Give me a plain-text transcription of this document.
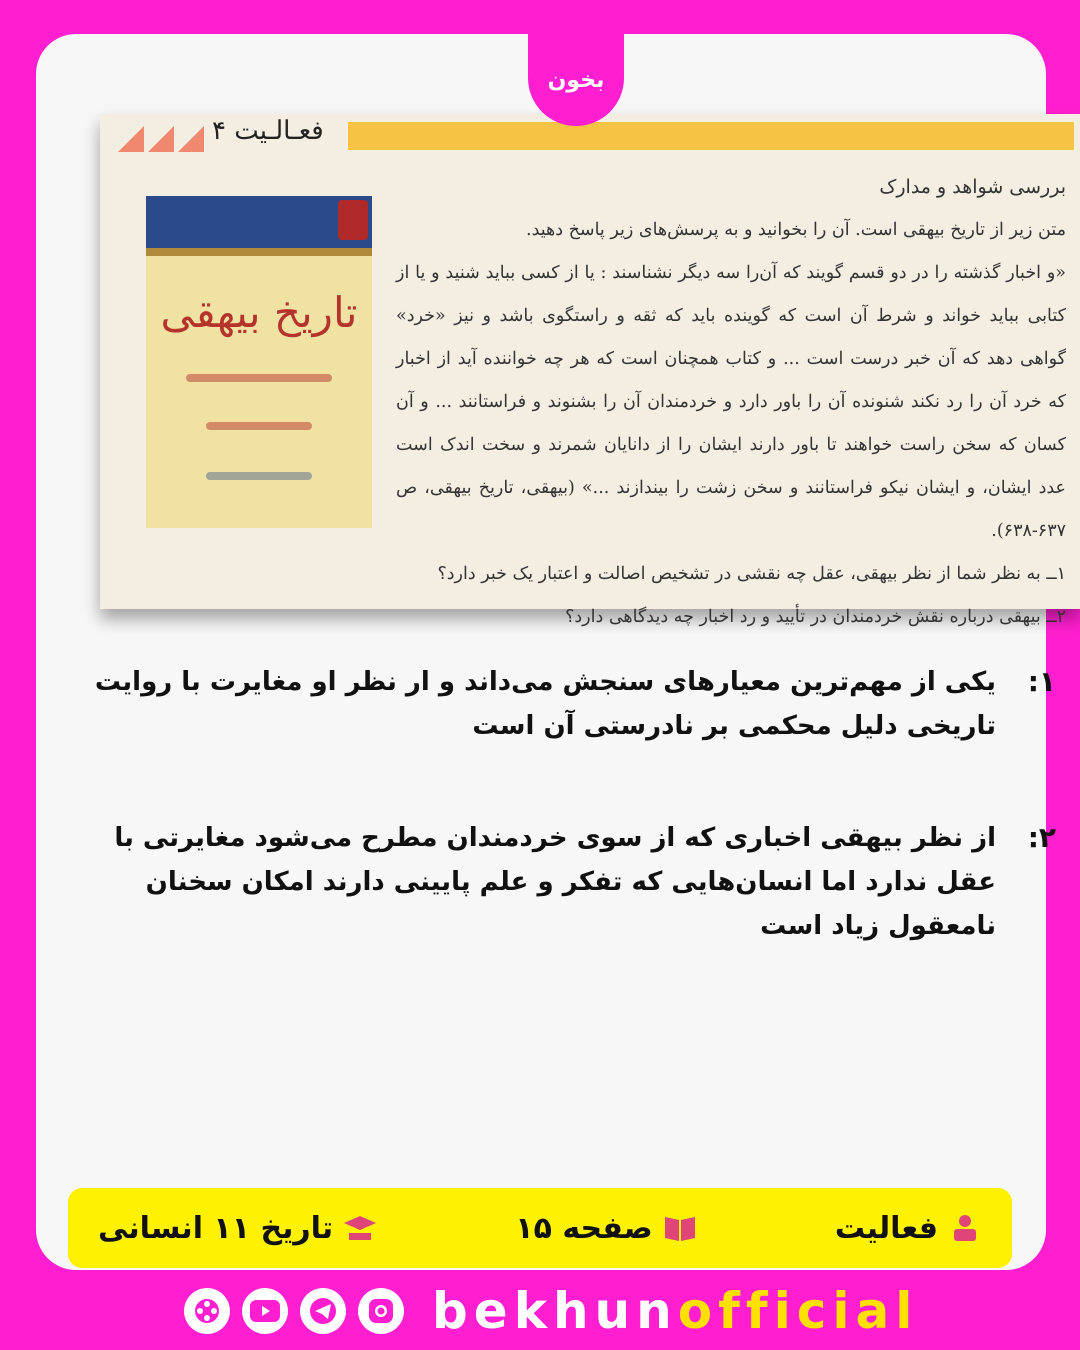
بخون
فعـالـیت ۴
تاریخ بیهقی

بررسی شواهد و مدارک

متن زیر از تاریخ بیهقی است. آن را بخوانید و به پرسش‌های زیر پاسخ دهید.

«و اخبار گذشته را در دو قسم گویند که آن‌را سه دیگر نشناسند : یا از کسی بباید شنید و یا از کتابی بباید خواند و شرط آن است که گوینده باید که ثقه و راستگوی باشد و نیز «خرد» گواهی دهد که آن خبر درست است ... و کتاب همچنان است که هر چه خواننده آید از اخبار که خرد آن را رد نکند شنونده آن را باور دارد و خردمندان آن را بشنوند و فراستانند ... و آن کسان که سخن راست خواهند تا باور دارند ایشان را از دانایان شمرند و سخت اندک است عدد ایشان، و ایشان نیکو فراستانند و سخن زشت را بیندازند ...» (بیهقی، تاریخ بیهقی، ص ۶۳۷-۶۳۸).

۱ــ به نظر شما از نظر بیهقی، عقل چه نقشی در تشخیص اصالت و اعتبار یک خبر دارد؟

۲ــ بیهقی درباره نقش خردمندان در تأیید و رد اخبار چه دیدگاهی دارد؟

۱:
یکی از مهم‌ترین معیارهای سنجش می‌داند و ار نظر او مغایرت با روایت تاریخی دلیل محکمی بر نادرستی آن است
۲:
از نظر بیهقی اخباری که از سوی خردمندان مطرح می‌شود مغایرتی با عقل ندارد اما انسان‌هایی که تفکر و علم پایینی دارند امکان سخنان نامعقول زیاد است
فعالیت
صفحه ۱۵
تاریخ ۱۱ انسانی
bekhunofficial
